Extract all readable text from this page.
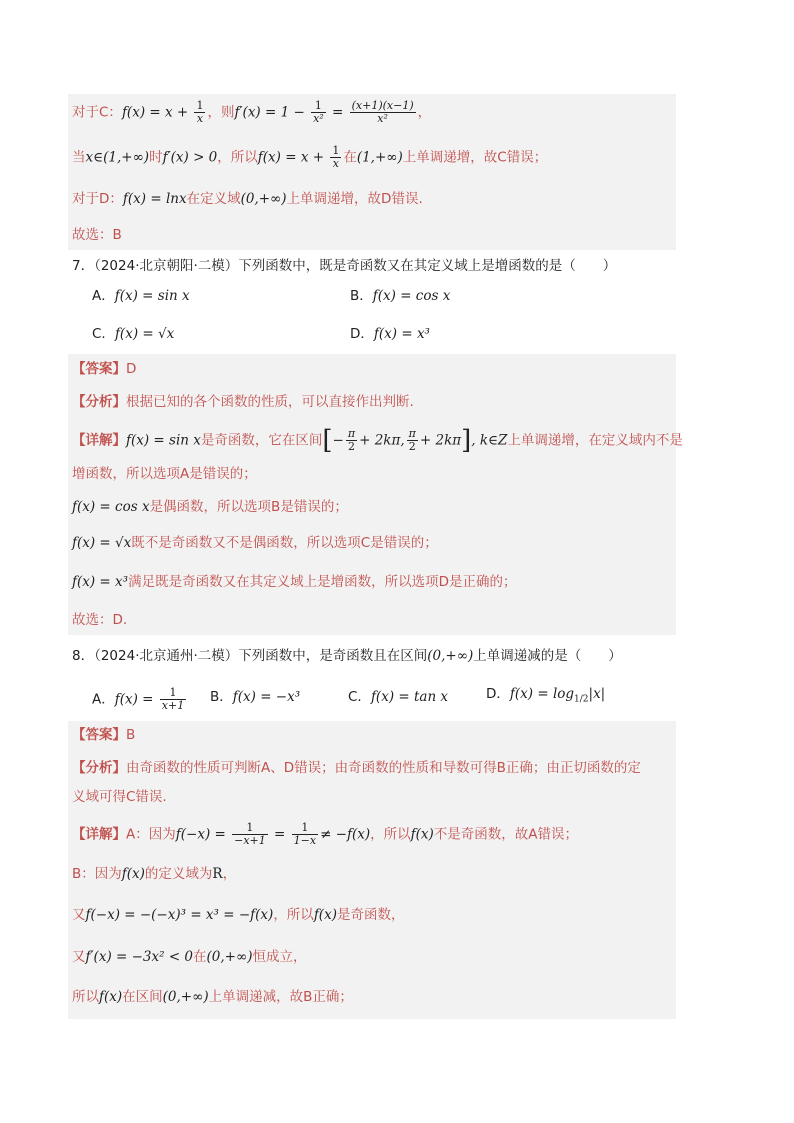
对于C：$f(x) = x + \frac{1}{x}$ ，则$f'(x) = 1 - \frac{1}{\text{x²}} = \frac{(x+1)(x-1)}{\text{x²}}$ ，
当x∈(1,+∞)时f′(x) > 0，所以$f(x) = x + \frac{1}{x}$ 在(1,+∞)上单调递增，故C错误；
对于D：f(x) = lnx在定义域(0,+∞)上单调递增，故D错误.
故选：B
7．（2024·北京朝阳·二模）下列函数中，既是奇函数又在其定义域上是增函数的是（　　）
A．f(x) = sin x	B．f(x) = cos x
C．f(x) = √x	D．f(x) = x³
【答案】D
【分析】根据已知的各个函数的性质，可以直接作出判断.
【详解】f(x) = sin x是奇函数，它在区间[− $\frac{\pi}{2} + 2k\pi$, $\frac{\pi}{2} + 2k\pi$], k∈Z上单调递增，在定义域内不是
增函数，所以选项A是错误的；
f(x) = cos x是偶函数，所以选项B是错误的；
f(x) = √x既不是奇函数又不是偶函数，所以选项C是错误的；
f(x) = x³满足既是奇函数又在其定义域上是增函数，所以选项D是正确的；
故选：D.
8．（2024·北京通州·二模）下列函数中，是奇函数且在区间(0,+∞)上单调递减的是（　　）
A．$f(x) = \frac{1}{x+1}$ B．f(x) = −x³	C．f(x) = tan x	D．$f(x) = \log_{1/2}|x|$
【答案】B
【分析】由奇函数的性质可判断A、D错误；由奇函数的性质和导数可得B正确；由正切函数的定
义域可得C错误.
【详解】A：因为$f(-x) = \frac{1}{-x+1} = \frac{1}{1-x} \ne -f(x)$，所以f(x)不是奇函数，故A错误；
B：因为f(x)的定义域为R，
又f(−x) = −(−x)³ = x³ = −f(x)，所以f(x)是奇函数，
又f′(x) = −3x² < 0在(0,+∞)恒成立，
所以f(x)在区间(0,+∞)上单调递减，故B正确；
